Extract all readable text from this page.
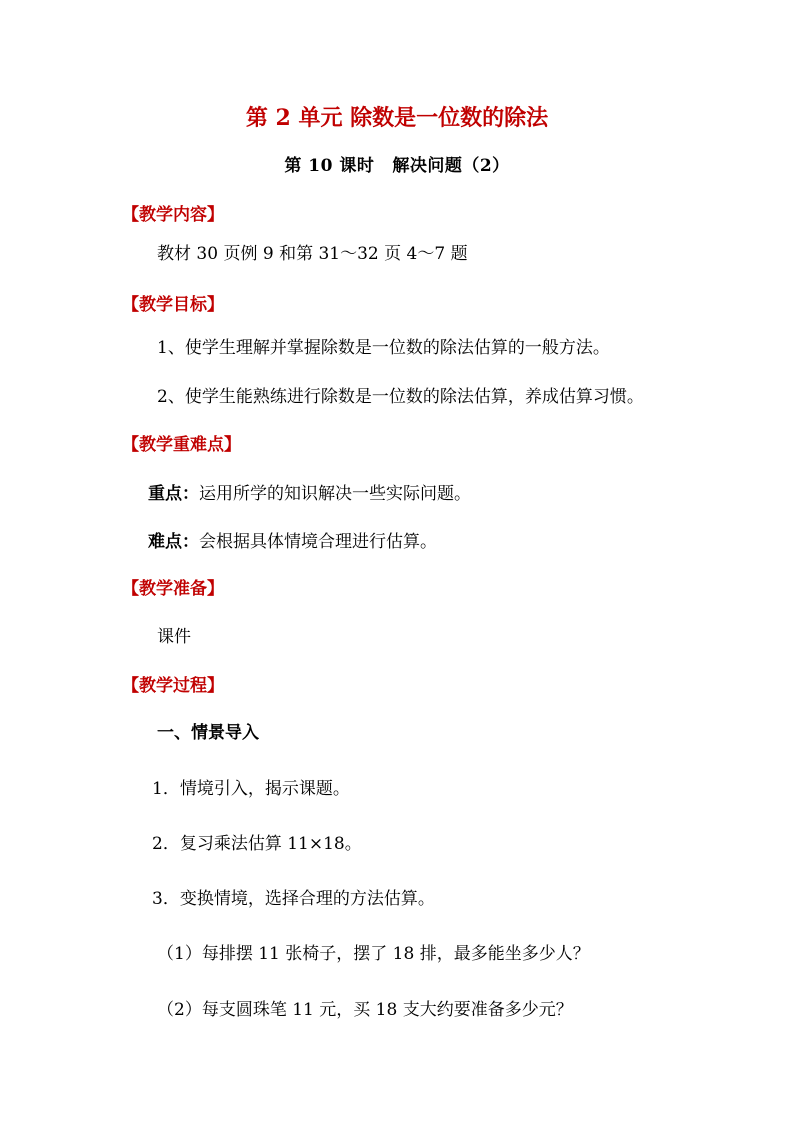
第 2 单元 除数是一位数的除法
第 10 课时 解决问题（2）
【教学内容】
教材 30 页例 9 和第 31～32 页 4～7 题
【教学目标】
1、使学生理解并掌握除数是一位数的除法估算的一般方法。
2、使学生能熟练进行除数是一位数的除法估算，养成估算习惯。
【教学重难点】
重点：运用所学的知识解决一些实际问题。
难点：会根据具体情境合理进行估算。
【教学准备】
课件
【教学过程】
一、情景导入
1．情境引入，揭示课题。
2．复习乘法估算 11×18。
3．变换情境，选择合理的方法估算。
（1）每排摆 11 张椅子，摆了 18 排，最多能坐多少人？
（2）每支圆珠笔 11 元，买 18 支大约要准备多少元？
